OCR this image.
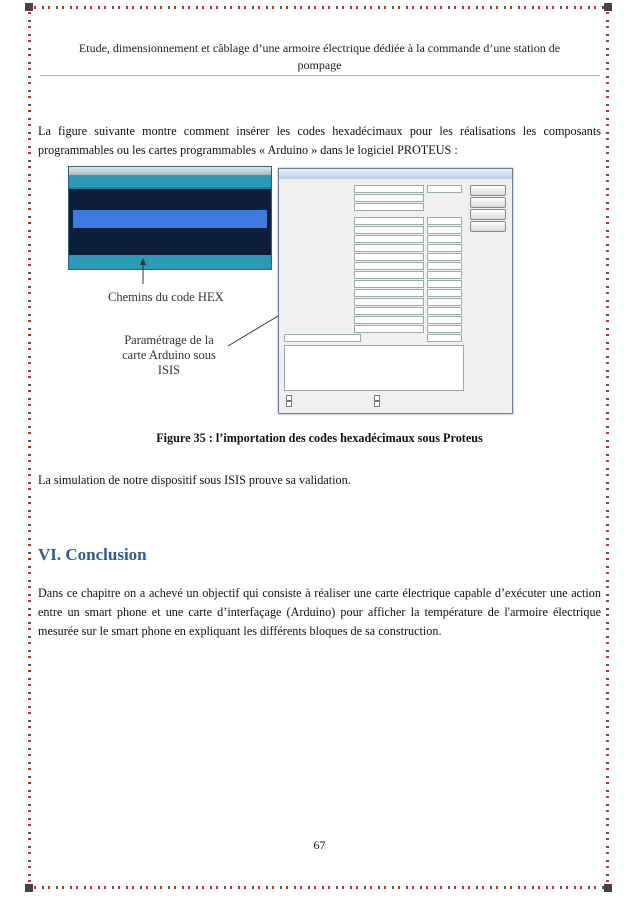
Etude, dimensionnement et câblage d’une armoire électrique dédiée à la commande d’une station de
pompage

La figure suivante montre comment insérer les codes hexadécimaux pour les réalisations les composants programmables ou les cartes programmables « Arduino » dans le logiciel PROTEUS :

Chemins du code HEX
Paramétrage de la
carte Arduino sous
ISIS
Figure 35 : l’importation des codes hexadécimaux sous Proteus

La simulation de notre dispositif sous ISIS prouve sa validation.

VI. Conclusion

Dans ce chapitre on a achevé un objectif qui consiste à réaliser une carte électrique capable d’exécuter une action entre un smart phone et une carte d’interfaçage (Arduino) pour afficher la température de l'armoire électrique mesurée sur le smart phone en expliquant les différents bloques de sa construction.

67
